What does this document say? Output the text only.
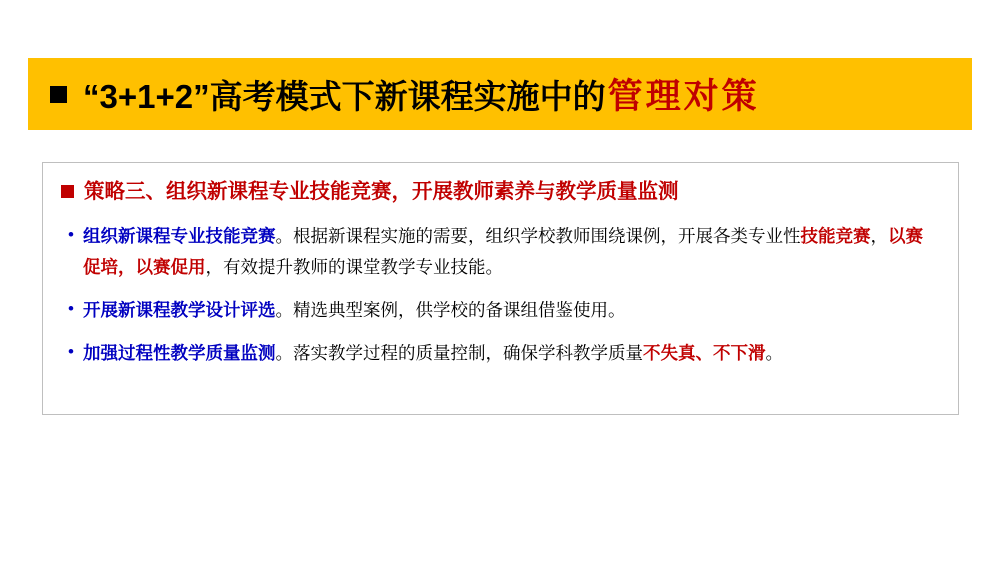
“3+1+2”高考模式下新课程实施中的 管理对策
策略三、组织新课程专业技能竞赛，开展教师素养与教学质量监测
• 组织新课程专业技能竞赛。根据新课程实施的需要，组织学校教师围绕课例，开展各类专业性技能竞赛，以赛促培，以赛促用，有效提升教师的课堂教学专业技能。
• 开展新课程教学设计评选。精选典型案例，供学校的备课组借鉴使用。
• 加强过程性教学质量监测。落实教学过程的质量控制，确保学科教学质量不失真、不下滑。
